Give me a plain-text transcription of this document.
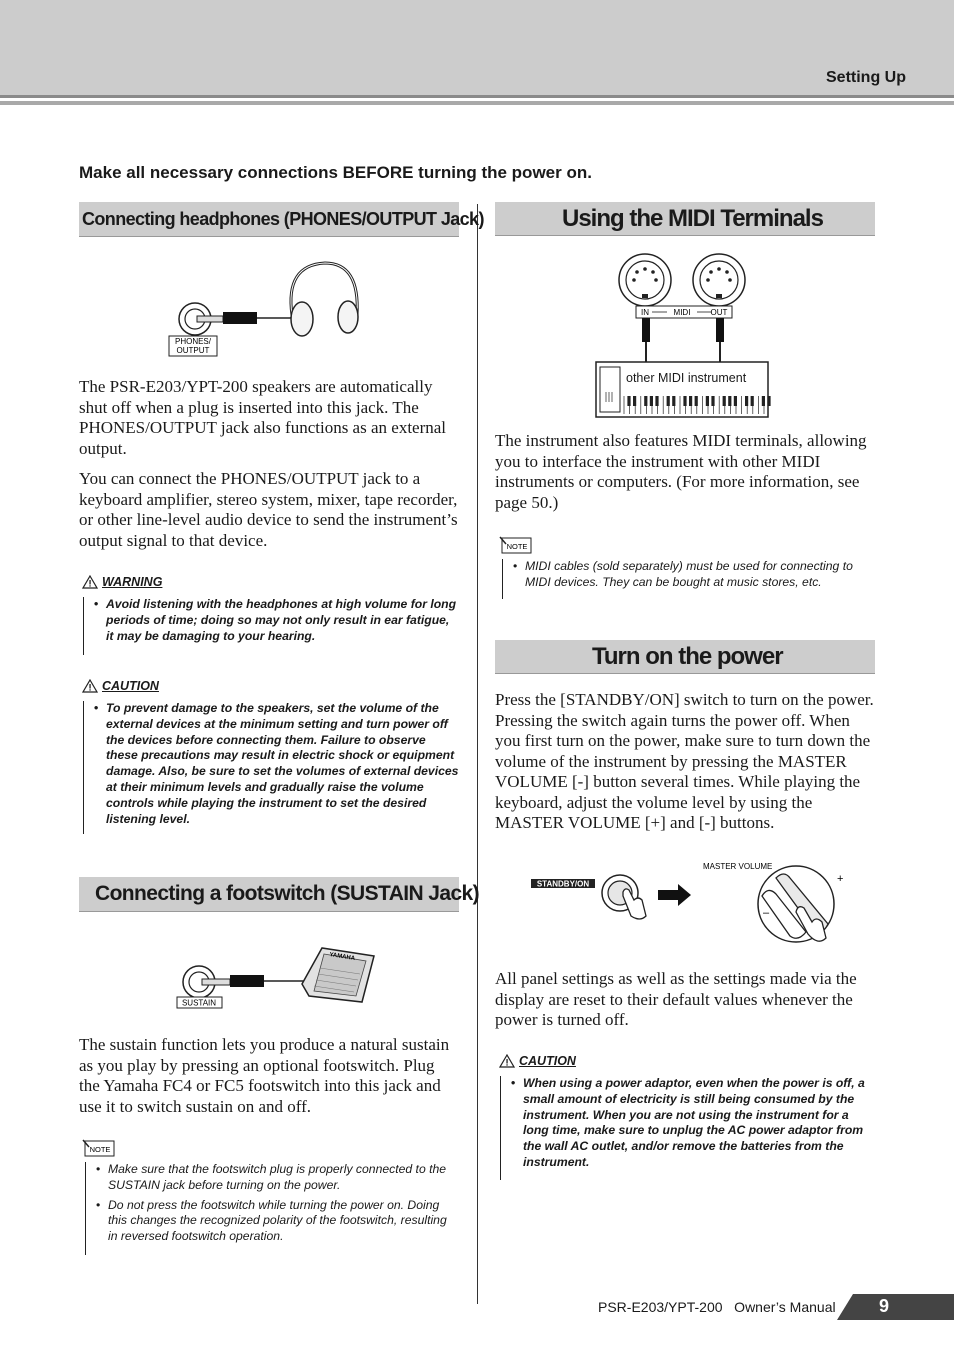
Setting Up
Make all necessary connections BEFORE turning the power on.
Connecting headphones (PHONES/OUTPUT Jack)
PHONES/
OUTPUT
The PSR-E203/YPT-200 speakers are automatically shut off when a plug is inserted into this jack. The PHONES/OUTPUT jack also functions as an external output.
You can connect the PHONES/OUTPUT jack to a keyboard amplifier, stereo system, mixer, tape recorder, or other line-level audio device to send the instrument’s output signal to that device.
WARNING
• Avoid listening with the headphones at high volume for long periods of time; doing so may not only result in ear fatigue, it may be damaging to your hearing.
CAUTION
• To prevent damage to the speakers, set the volume of the external devices at the minimum setting and turn power off the devices before connecting them. Failure to observe these precautions may result in electric shock or equipment damage. Also, be sure to set the volumes of external devices at their minimum levels and gradually raise the volume controls while playing the instrument to set the desired listening level.
Connecting a footswitch (SUSTAIN Jack)
YAMAHA
SUSTAIN
The sustain function lets you produce a natural sustain as you play by pressing an optional footswitch. Plug the Yamaha FC4 or FC5 footswitch into this jack and use it to switch sustain on and off.
NOTE
• Make sure that the footswitch plug is properly connected to the SUSTAIN jack before turning on the power.
• Do not press the footswitch while turning the power on. Doing this changes the recognized polarity of the footswitch, resulting in reversed footswitch operation.
Using the MIDI Terminals
IN	MIDI	OUT
other MIDI instrument
The instrument also features MIDI terminals, allowing you to interface the instrument with other MIDI instruments or computers. (For more information, see page 50.)
NOTE
• MIDI cables (sold separately) must be used for connecting to MIDI devices. They can be bought at music stores, etc.
Turn on the power
Press the [STANDBY/ON] switch to turn on the power. Pressing the switch again turns the power off. When you first turn on the power, make sure to turn down the volume of the instrument by pressing the MASTER VOLUME [-] button several times. While playing the keyboard, adjust the volume level by using the MASTER VOLUME [+] and [-] buttons.
STANDBY/ON
MASTER VOLUME
+
–
All panel settings as well as the settings made via the display are reset to their default values whenever the power is turned off.
CAUTION
• When using a power adaptor, even when the power is off, a small amount of electricity is still being consumed by the instrument. When you are not using the instrument for a long time, make sure to unplug the AC power adaptor from the wall AC outlet, and/or remove the batteries from the instrument.
PSR-E203/YPT-200   Owner’s Manual 9
